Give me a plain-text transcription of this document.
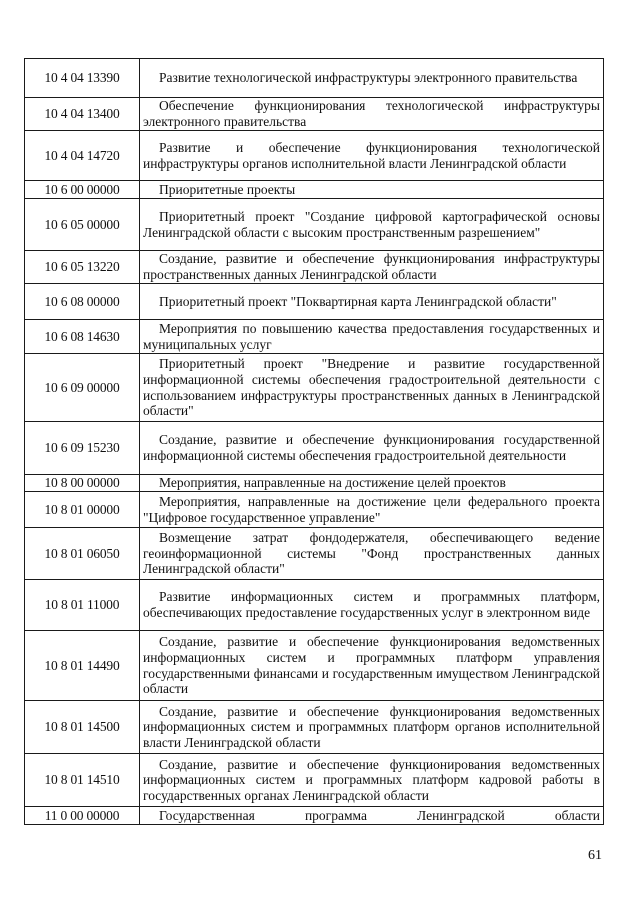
10 4 04 13390	Развитие технологической инфраструктуры электронного правительства
10 4 04 13400	Обеспечение функционирования технологической инфраструктуры электронного правительства
10 4 04 14720	Развитие и обеспечение функционирования технологической инфраструктуры органов исполнительной власти Ленинградской области
10 6 00 00000	Приоритетные проекты
10 6 05 00000	Приоритетный проект "Создание цифровой картографической основы Ленинградской области с высоким пространственным разрешением"
10 6 05 13220	Создание, развитие и обеспечение функционирования инфраструктуры пространственных данных Ленинградской области
10 6 08 00000	Приоритетный проект "Поквартирная карта Ленинградской области"
10 6 08 14630	Мероприятия по повышению качества предоставления государственных и муниципальных услуг
10 6 09 00000	Приоритетный проект "Внедрение и развитие государственной информационной системы обеспечения градостроительной деятельности с использованием инфраструктуры пространственных данных в Ленинградской области"
10 6 09 15230	Создание, развитие и обеспечение функционирования государственной информационной системы обеспечения градостроительной деятельности
10 8 00 00000	Мероприятия, направленные на достижение целей проектов
10 8 01 00000	Мероприятия, направленные на достижение цели федерального проекта "Цифровое государственное управление"
10 8 01 06050	Возмещение затрат фондодержателя, обеспечивающего ведение геоинформационной системы "Фонд пространственных данных Ленинградской области"
10 8 01 11000	Развитие информационных систем и программных платформ, обеспечивающих предоставление государственных услуг в электронном виде
10 8 01 14490	Создание, развитие и обеспечение функционирования ведомственных информационных систем и программных платформ управления государственными финансами и государственным имуществом Ленинградской области
10 8 01 14500	Создание, развитие и обеспечение функционирования ведомственных информационных систем и программных платформ органов исполнительной власти Ленинградской области
10 8 01 14510	Создание, развитие и обеспечение функционирования ведомственных информационных систем и программных платформ кадровой работы в государственных органах Ленинградской области
11 0 00 00000	Государственная программа Ленинградской области
61
